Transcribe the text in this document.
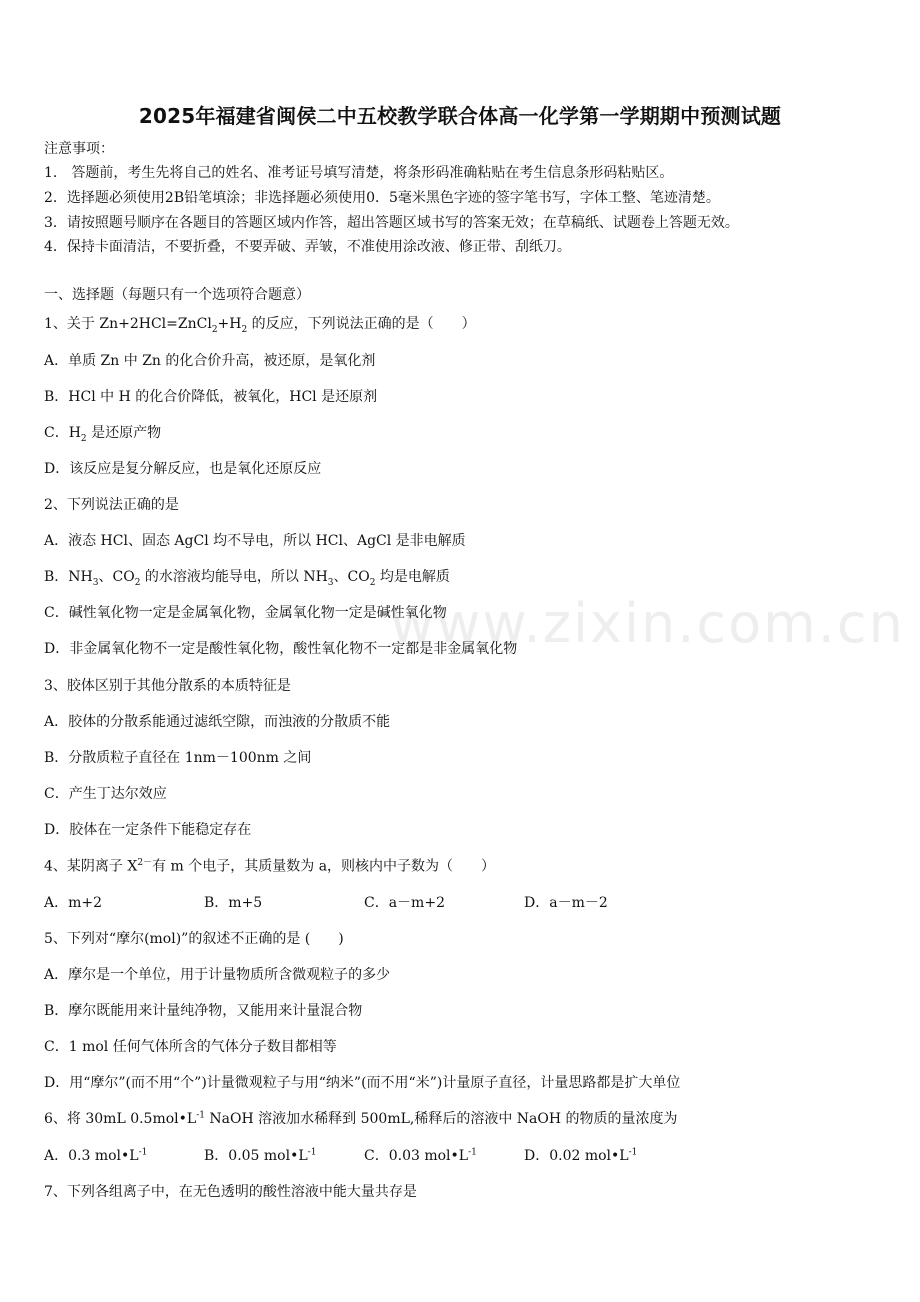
www.zixin.com.cn
2025年福建省闽侯二中五校教学联合体高一化学第一学期期中预测试题
注意事项：
1． 答题前，考生先将自己的姓名、准考证号填写清楚，将条形码准确粘贴在考生信息条形码粘贴区。
2．选择题必须使用2B铅笔填涂；非选择题必须使用0．5毫米黑色字迹的签字笔书写，字体工整、笔迹清楚。
3．请按照题号顺序在各题目的答题区域内作答，超出答题区域书写的答案无效；在草稿纸、试题卷上答题无效。
4．保持卡面清洁，不要折叠，不要弄破、弄皱，不准使用涂改液、修正带、刮纸刀。
一、选择题（每题只有一个选项符合题意）
1、关于 $Zn+2HCl=ZnCl_2+H_2$ 的反应，下列说法正确的是（　　）
A．单质 Zn 中 Zn 的化合价升高，被还原，是氧化剂
B．HCl 中 H 的化合价降低，被氧化，HCl 是还原剂
C．$H_2$ 是还原产物
D．该反应是复分解反应，也是氧化还原反应
2、下列说法正确的是
A．液态 HCl、固态 AgCl 均不导电，所以 HCl、AgCl 是非电解质
B．$NH_3$、$CO_2$ 的水溶液均能导电，所以 $NH_3$、$CO_2$ 均是电解质
C．碱性氧化物一定是金属氧化物，金属氧化物一定是碱性氧化物
D．非金属氧化物不一定是酸性氧化物，酸性氧化物不一定都是非金属氧化物
3、胶体区别于其他分散系的本质特征是
A．胶体的分散系能通过滤纸空隙，而浊液的分散质不能
B．分散质粒子直径在 1nm－100nm 之间
C．产生丁达尔效应
D．胶体在一定条件下能稳定存在
4、某阴离子 $X^{2-}$有 m 个电子，其质量数为 a，则核内中子数为（　　）
A．m+2	B．m+5	C．a－m+2	D．a－m－2
5、下列对“摩尔(mol)”的叙述不正确的是 (　　)
A．摩尔是一个单位，用于计量物质所含微观粒子的多少
B．摩尔既能用来计量纯净物，又能用来计量混合物
C．1 mol 任何气体所含的气体分子数目都相等
D．用“摩尔”(而不用“个”)计量微观粒子与用“纳米”(而不用“米”)计量原子直径，计量思路都是扩大单位
6、将 30mL $0.5mol•L^{-1}$ NaOH 溶液加水稀释到 500mL,稀释后的溶液中 NaOH 的物质的量浓度为
A．0.3 $mol•L^{-1}$	B．0.05 $mol•L^{-1}$	C．0.03 $mol•L^{-1}$	D．0.02 $mol•L^{-1}$
7、下列各组离子中，在无色透明的酸性溶液中能大量共存是
